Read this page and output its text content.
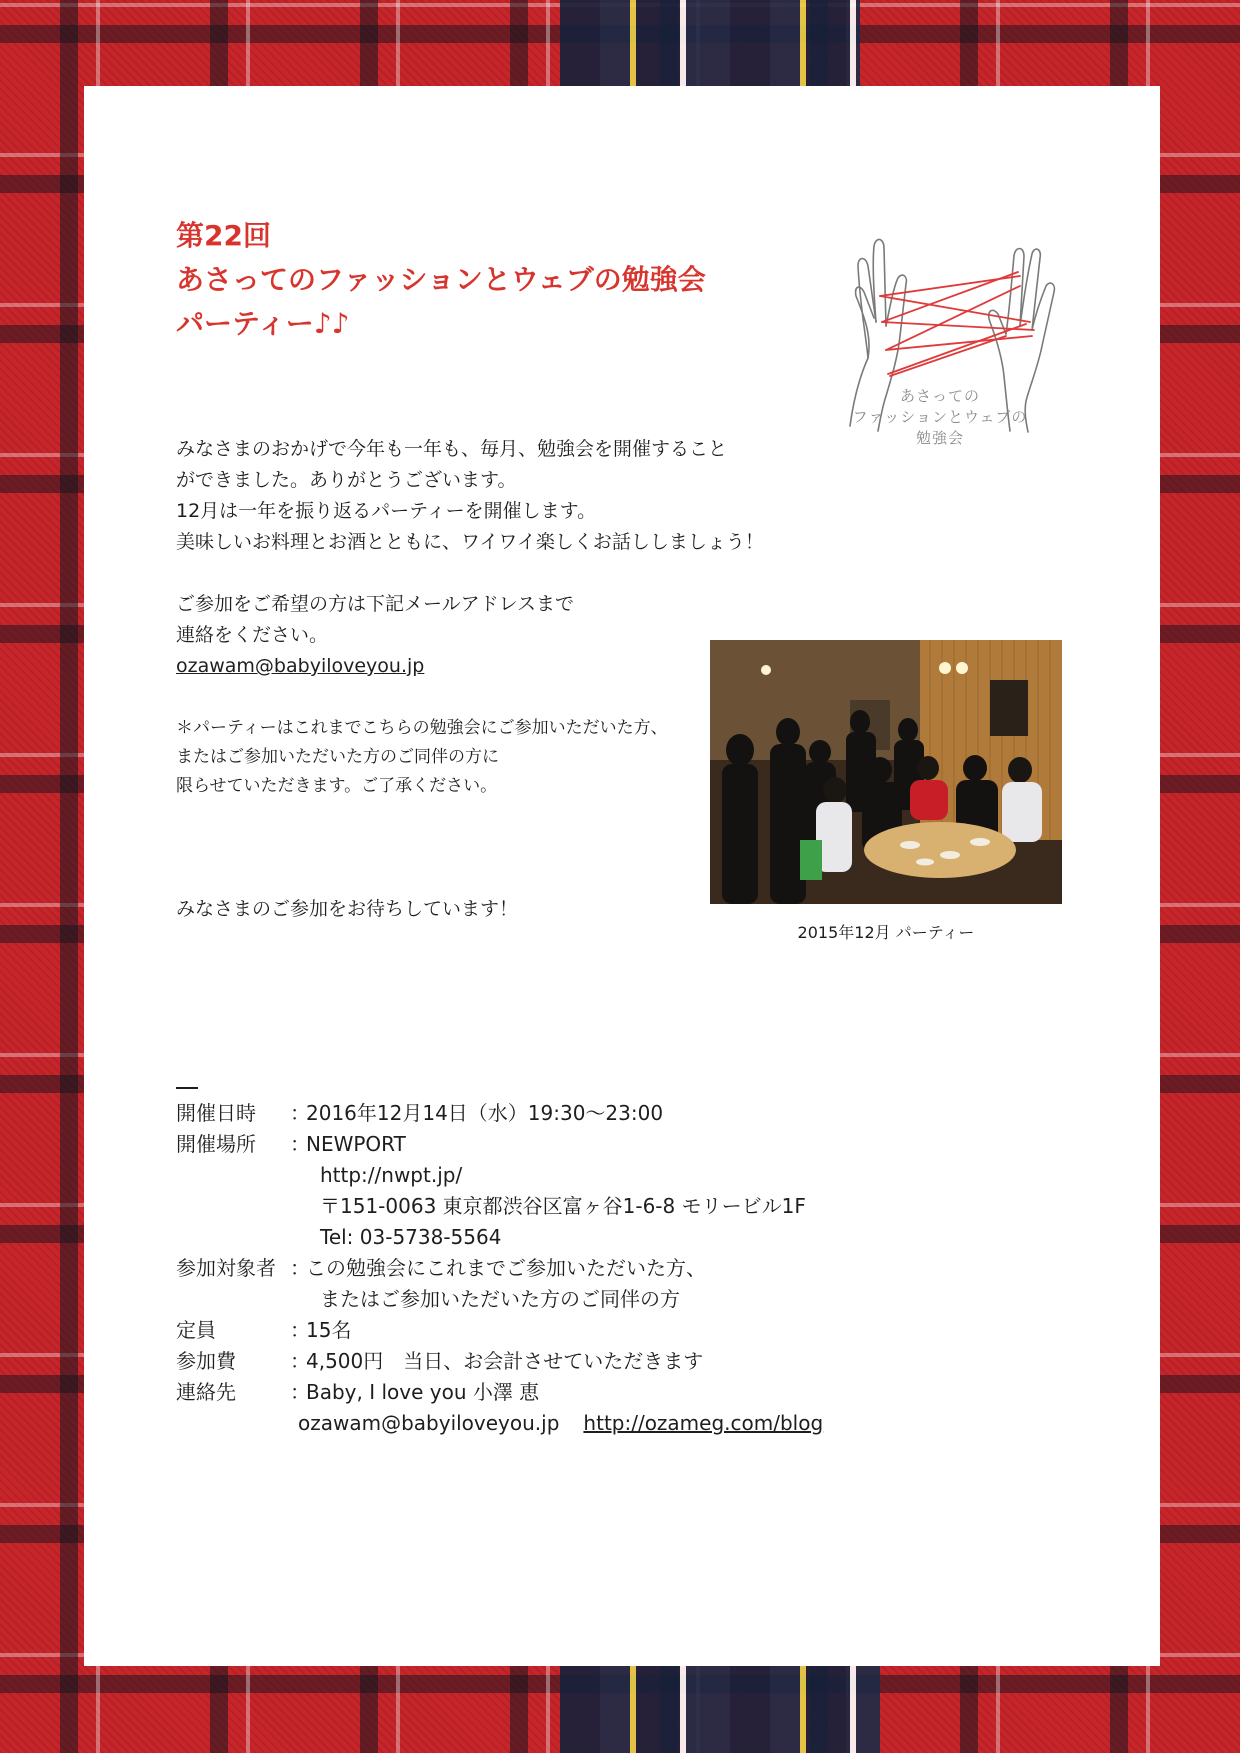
第22回
あさってのファッションとウェブの勉強会
パーティー♪♪
あさっての
ファッションとウェブの
勉強会
みなさまのおかげで今年も一年も、毎月、勉強会を開催すること
ができました。ありがとうございます。
12月は一年を振り返るパーティーを開催します。
美味しいお料理とお酒とともに、ワイワイ楽しくお話ししましょう！
ご参加をご希望の方は下記メールアドレスまで
連絡をください。
ozawam@babyiloveyou.jp
＊パーティーはこれまでこちらの勉強会にご参加いただいた方、
またはご参加いただいた方のご同伴の方に
限らせていただきます。ご了承ください。
みなさまのご参加をお待ちしています！
2015年12月 パーティー
開催日時	：
2016年12月14日（水）19:30〜23:00
開催場所	：
NEWPORT
http://nwpt.jp/
〒151-0063 東京都渋谷区富ヶ谷1-6-8 モリービル1F
Tel: 03-5738-5564
参加対象者 ：
この勉強会にこれまでご参加いただいた方、
またはご参加いただいた方のご同伴の方
定員	：
15名
参加費	：
4,500円　当日、お会計させていただきます
連絡先	：
Baby, I love you 小澤 恵
ozawam@babyiloveyou.jp http://ozameg.com/blog
